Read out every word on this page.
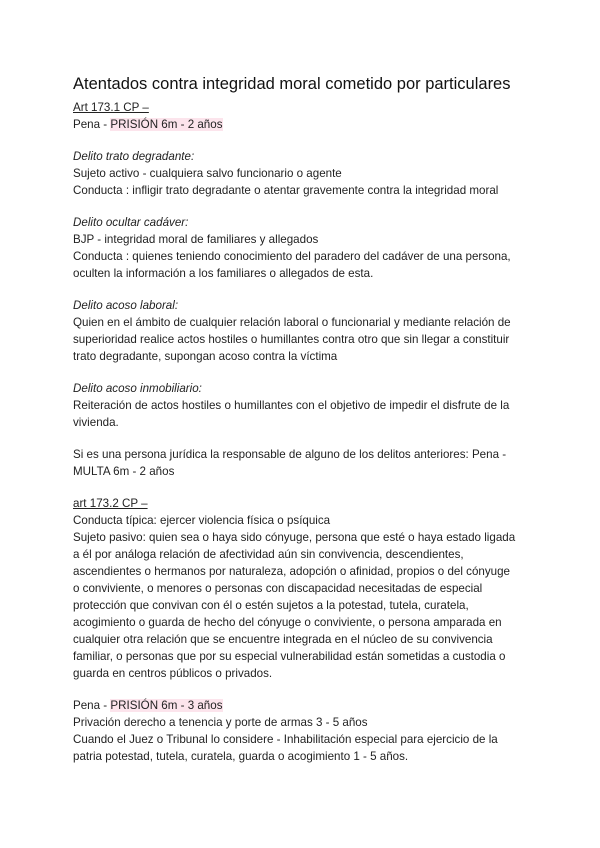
Atentados contra integridad moral cometido por particulares

Art 173.1 CP –

Pena - PRISIÓN 6m - 2 años

Delito trato degradante:

Sujeto activo - cualquiera salvo funcionario o agente

Conducta : infligir trato degradante o atentar gravemente contra la integridad moral

Delito ocultar cadáver:

BJP - integridad moral de familiares y allegados

Conducta : quienes teniendo conocimiento del paradero del cadáver de una persona,

oculten la información a los familiares o allegados de esta.

Delito acoso laboral:

Quien en el ámbito de cualquier relación laboral o funcionarial y mediante relación de

superioridad realice actos hostiles o humillantes contra otro que sin llegar a constituir

trato degradante, supongan acoso contra la víctima

Delito acoso inmobiliario:

Reiteración de actos hostiles o humillantes con el objetivo de impedir el disfrute de la

vivienda.

Si es una persona jurídica la responsable de alguno de los delitos anteriores: Pena -

MULTA 6m - 2 años

art 173.2 CP –

Conducta típica: ejercer violencia física o psíquica

Sujeto pasivo: quien sea o haya sido cónyuge, persona que esté o haya estado ligada

a él por análoga relación de afectividad aún sin convivencia, descendientes,

ascendientes o hermanos por naturaleza, adopción o afinidad, propios o del cónyuge

o conviviente, o menores o personas con discapacidad necesitadas de especial

protección que convivan con él o estén sujetos a la potestad, tutela, curatela,

acogimiento o guarda de hecho del cónyuge o conviviente, o persona amparada en

cualquier otra relación que se encuentre integrada en el núcleo de su convivencia

familiar, o personas que por su especial vulnerabilidad están sometidas a custodia o

guarda en centros públicos o privados.

Pena - PRISIÓN 6m - 3 años

Privación derecho a tenencia y porte de armas 3 - 5 años

Cuando el Juez o Tribunal lo considere - Inhabilitación especial para ejercicio de la

patria potestad, tutela, curatela, guarda o acogimiento 1 - 5 años.
